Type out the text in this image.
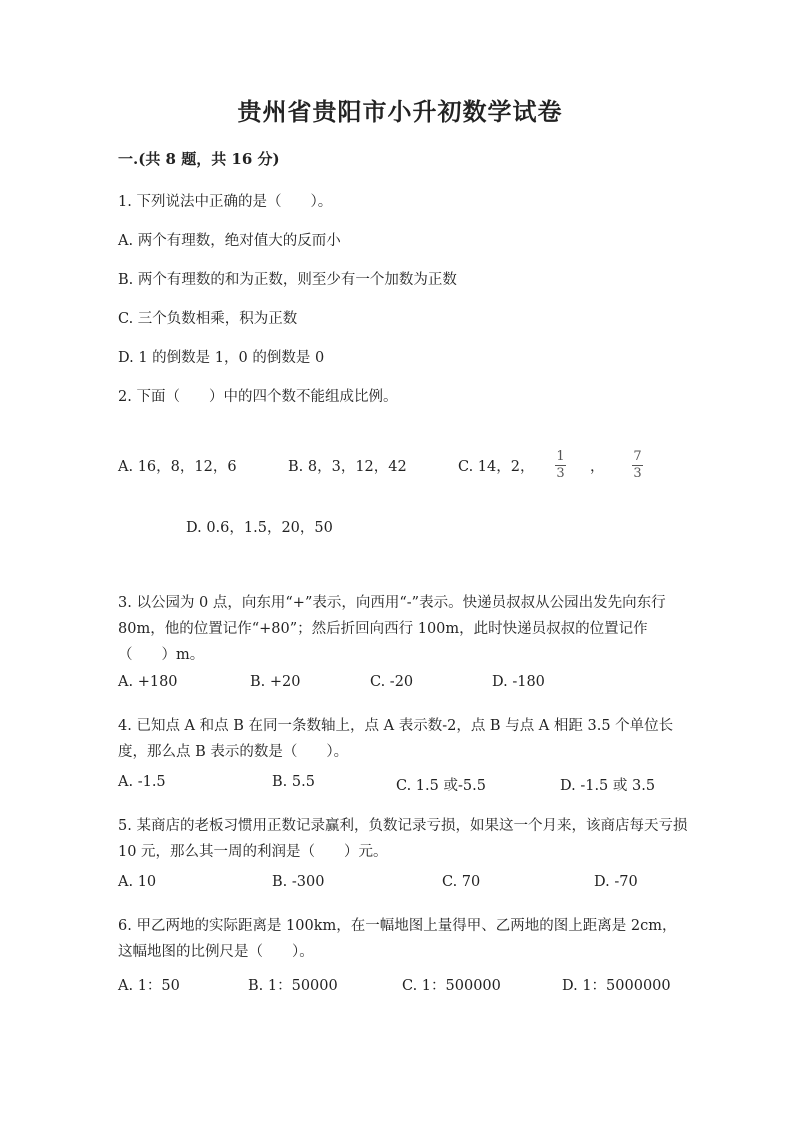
贵州省贵阳市小升初数学试卷
一.(共 8 题，共 16 分)
1. 下列说法中正确的是（　　）。
A. 两个有理数，绝对值大的反而小
B. 两个有理数的和为正数，则至少有一个加数为正数
C. 三个负数相乘，积为正数
D. 1 的倒数是 1，0 的倒数是 0
2. 下面（　　）中的四个数不能组成比例。
A. 16，8，12，6	B. 8，3，12，42	C. 14，2，
1
3 ，
7
3
D. 0.6，1.5，20，50
3. 以公园为 0 点，向东用“+”表示，向西用“-”表示。快递员叔叔从公园出发先向东行 80m，他的位置记作“+80”；然后折回向西行 100m，此时快递员叔叔的位置记作（　　）m。
A. +180	B. +20	C. -20	D. -180
4. 已知点 A 和点 B 在同一条数轴上，点 A 表示数-2，点 B 与点 A 相距 3.5 个单位长度，那么点 B 表示的数是（　　）。
A. -1.5	B. 5.5	C. 1.5 或-5.5	D. -1.5 或 3.5
5. 某商店的老板习惯用正数记录赢利，负数记录亏损，如果这一个月来，该商店每天亏损 10 元，那么其一周的利润是（　　）元。
A. 10	B. -300	C. 70	D. -70
6. 甲乙两地的实际距离是 100km，在一幅地图上量得甲、乙两地的图上距离是 2cm，这幅地图的比例尺是（　　）。
A. 1：50	B. 1：50000	C. 1：500000	D. 1：5000000
